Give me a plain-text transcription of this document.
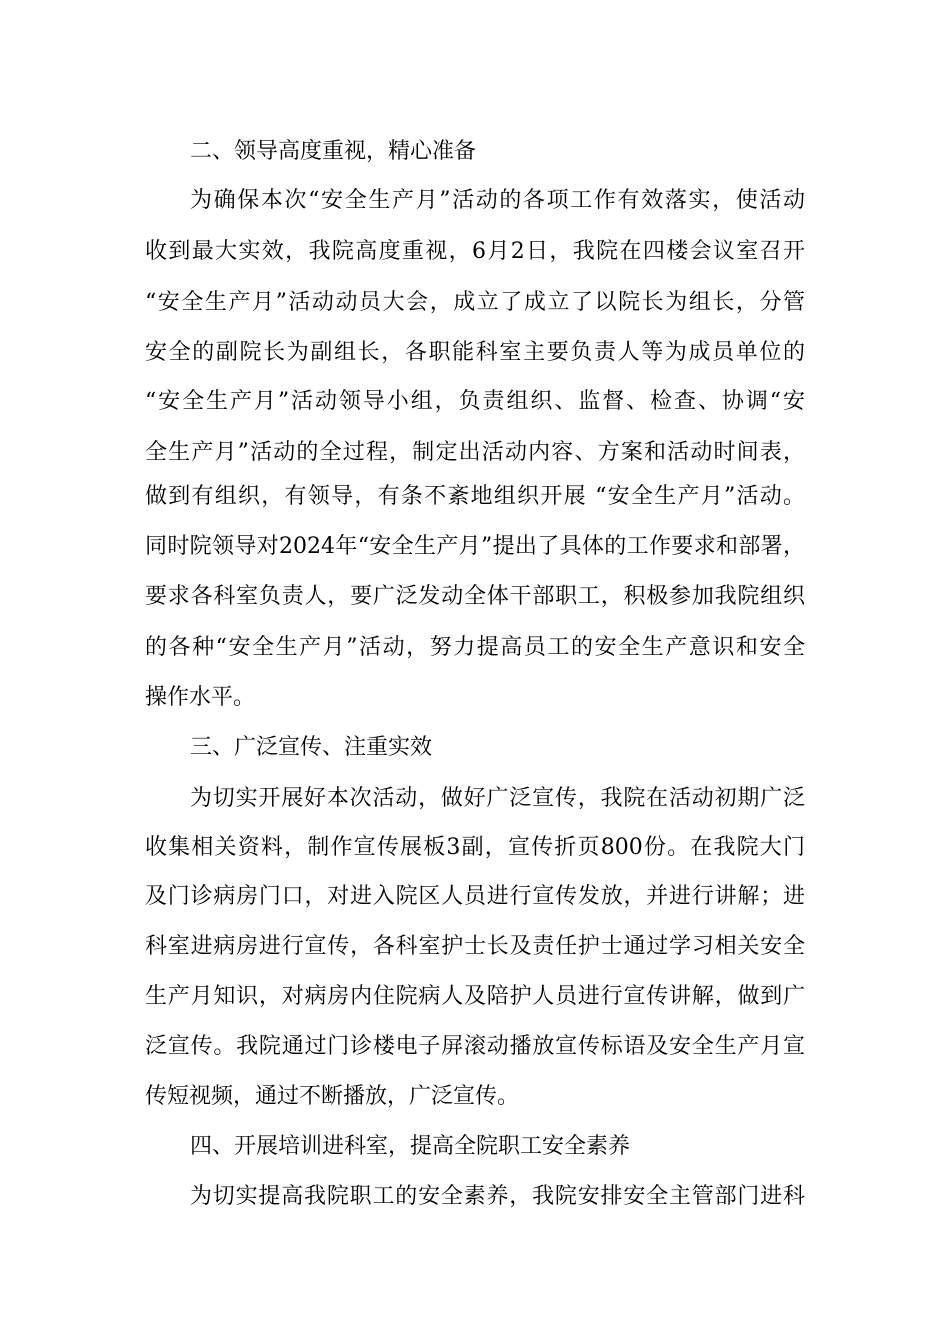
二、领导高度重视，精心准备
为确保本次“安全生产月”活动的各项工作有效落实，使活动
收到最大实效，我院高度重视，6月2日，我院在四楼会议室召开
“安全生产月”活动动员大会，成立了成立了以院长为组长，分管
安全的副院长为副组长，各职能科室主要负责人等为成员单位的
“安全生产月”活动领导小组，负责组织、监督、检查、协调“安
全生产月”活动的全过程，制定出活动内容、方案和活动时间表，
做到有组织，有领导，有条不紊地组织开展 “安全生产月”活动。
同时院领导对2024年“安全生产月”提出了具体的工作要求和部署，
要求各科室负责人，要广泛发动全体干部职工，积极参加我院组织
的各种“安全生产月”活动，努力提高员工的安全生产意识和安全
操作水平。
三、广泛宣传、注重实效
为切实开展好本次活动，做好广泛宣传，我院在活动初期广泛
收集相关资料，制作宣传展板3副，宣传折页800份。在我院大门
及门诊病房门口，对进入院区人员进行宣传发放，并进行讲解；进
科室进病房进行宣传，各科室护士长及责任护士通过学习相关安全
生产月知识，对病房内住院病人及陪护人员进行宣传讲解，做到广
泛宣传。我院通过门诊楼电子屏滚动播放宣传标语及安全生产月宣
传短视频，通过不断播放，广泛宣传。
四、开展培训进科室，提高全院职工安全素养
为切实提高我院职工的安全素养，我院安排安全主管部门进科
